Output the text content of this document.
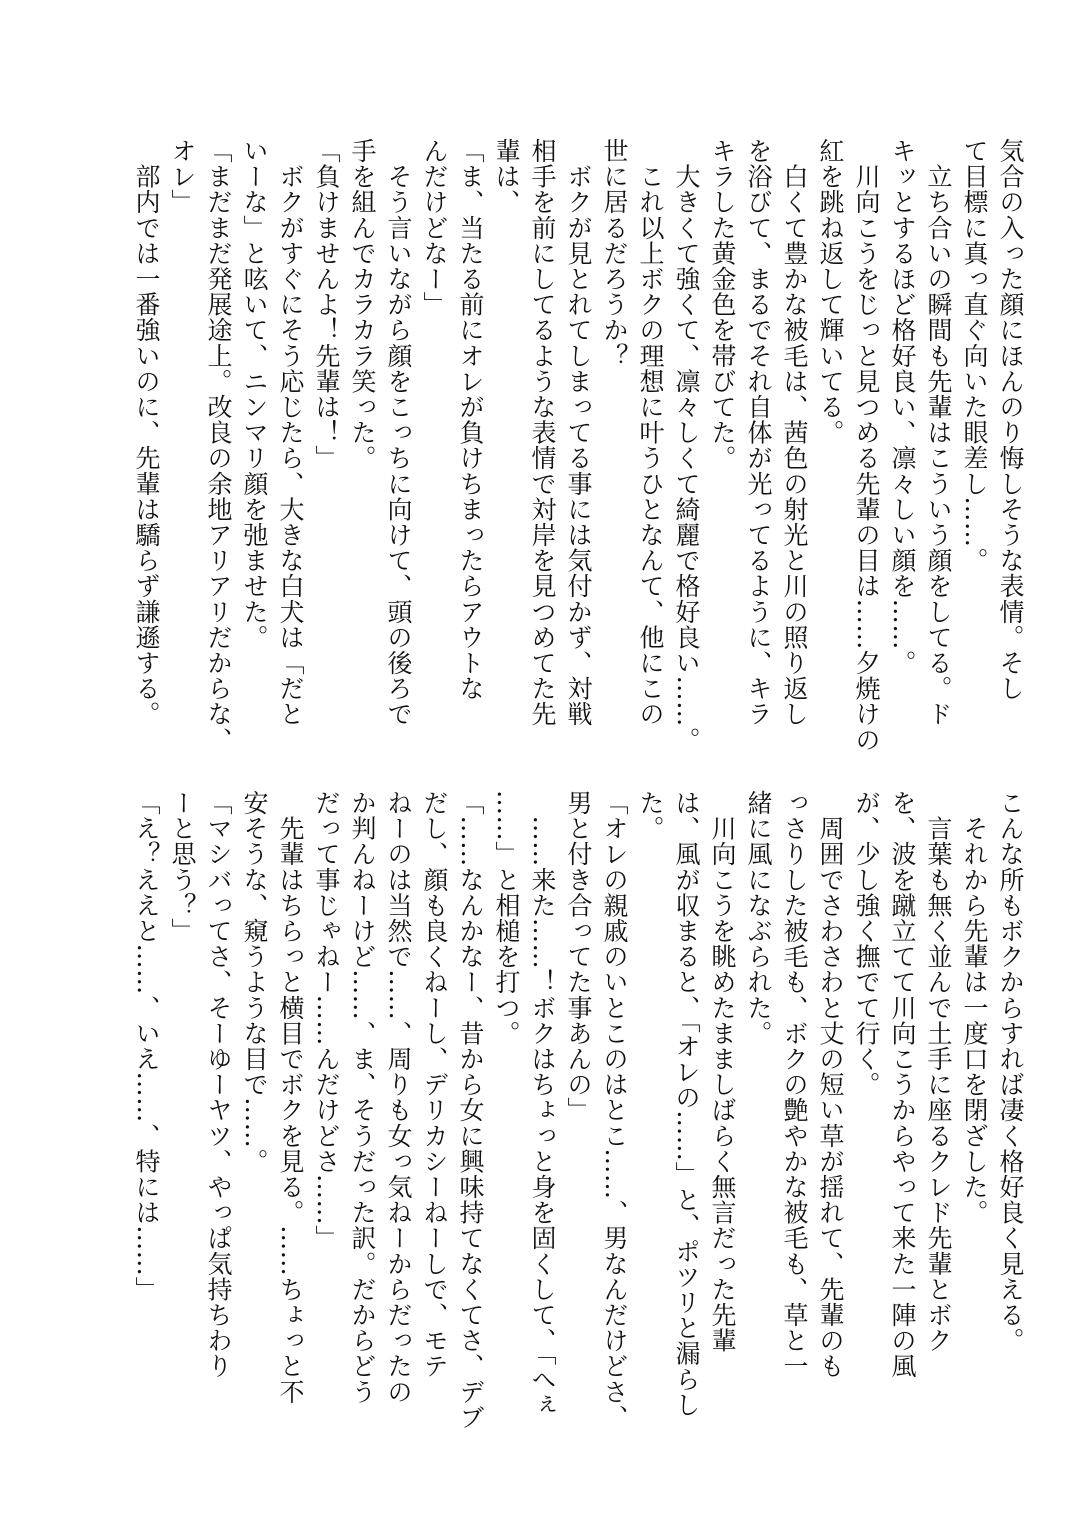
気合の入った顔にほんのり悔しそうな表情。そし
て目標に真っ直ぐ向いた眼差し……。
　立ち合いの瞬間も先輩はこういう顔をしてる。ド
キッとするほど格好良い、凛々しい顔を……。
　川向こうをじっと見つめる先輩の目は……夕焼けの
紅を跳ね返して輝いてる。
　白くて豊かな被毛は、茜色の射光と川の照り返し
を浴びて、まるでそれ自体が光ってるように、キラ
キラした黄金色を帯びてた。
　大きくて強くて、凛々しくて綺麗で格好良い……。
　これ以上ボクの理想に叶うひとなんて、他にこの
世に居るだろうか？
　ボクが見とれてしまってる事には気付かず、対戦
相手を前にしてるような表情で対岸を見つめてた先
輩は、
「ま、当たる前にオレが負けちまったらアウトな
んだけどなー」
　そう言いながら顔をこっちに向けて、頭の後ろで
手を組んでカラカラ笑った。
「負けませんよ！先輩は！」
　ボクがすぐにそう応じたら、大きな白犬は「だと
いーな」と呟いて、ニンマリ顔を弛ませた。
「まだまだ発展途上。改良の余地アリアリだからな、
オレ」
　部内では一番強いのに、先輩は驕らず謙遜する。
こんな所もボクからすれば凄く格好良く見える。
　それから先輩は一度口を閉ざした。
　言葉も無く並んで土手に座るクレド先輩とボク
を、波を蹴立てて川向こうからやって来た一陣の風
が、少し強く撫でて行く。
　周囲でさわさわと丈の短い草が揺れて、先輩のも
っさりした被毛も、ボクの艶やかな被毛も、草と一
緒に風になぶられた。
　川向こうを眺めたまましばらく無言だった先輩
は、風が収まると、「オレの……」と、ポツリと漏らし
た。
「オレの親戚のいとこのはとこ……、男なんだけどさ、
男と付き合ってた事あんの」
　……来た……！ボクはちょっと身を固くして、「へぇ
……」と相槌を打つ。
「……なんかなー、昔から女に興味持てなくてさ、デブ
だし、顔も良くねーし、デリカシーねーしで、モテ
ねーのは当然で……、周りも女っ気ねーからだったの
か判んねーけど……、ま、そうだった訳。だからどう
だって事じゃねー……んだけどさ……」
　先輩はちらっと横目でボクを見る。……ちょっと不
安そうな、窺うような目で……。
「マシバってさ、そーゆーヤツ、やっぱ気持ちわり
ーと思う？」
「え？ええと……、いえ……、特には……」
